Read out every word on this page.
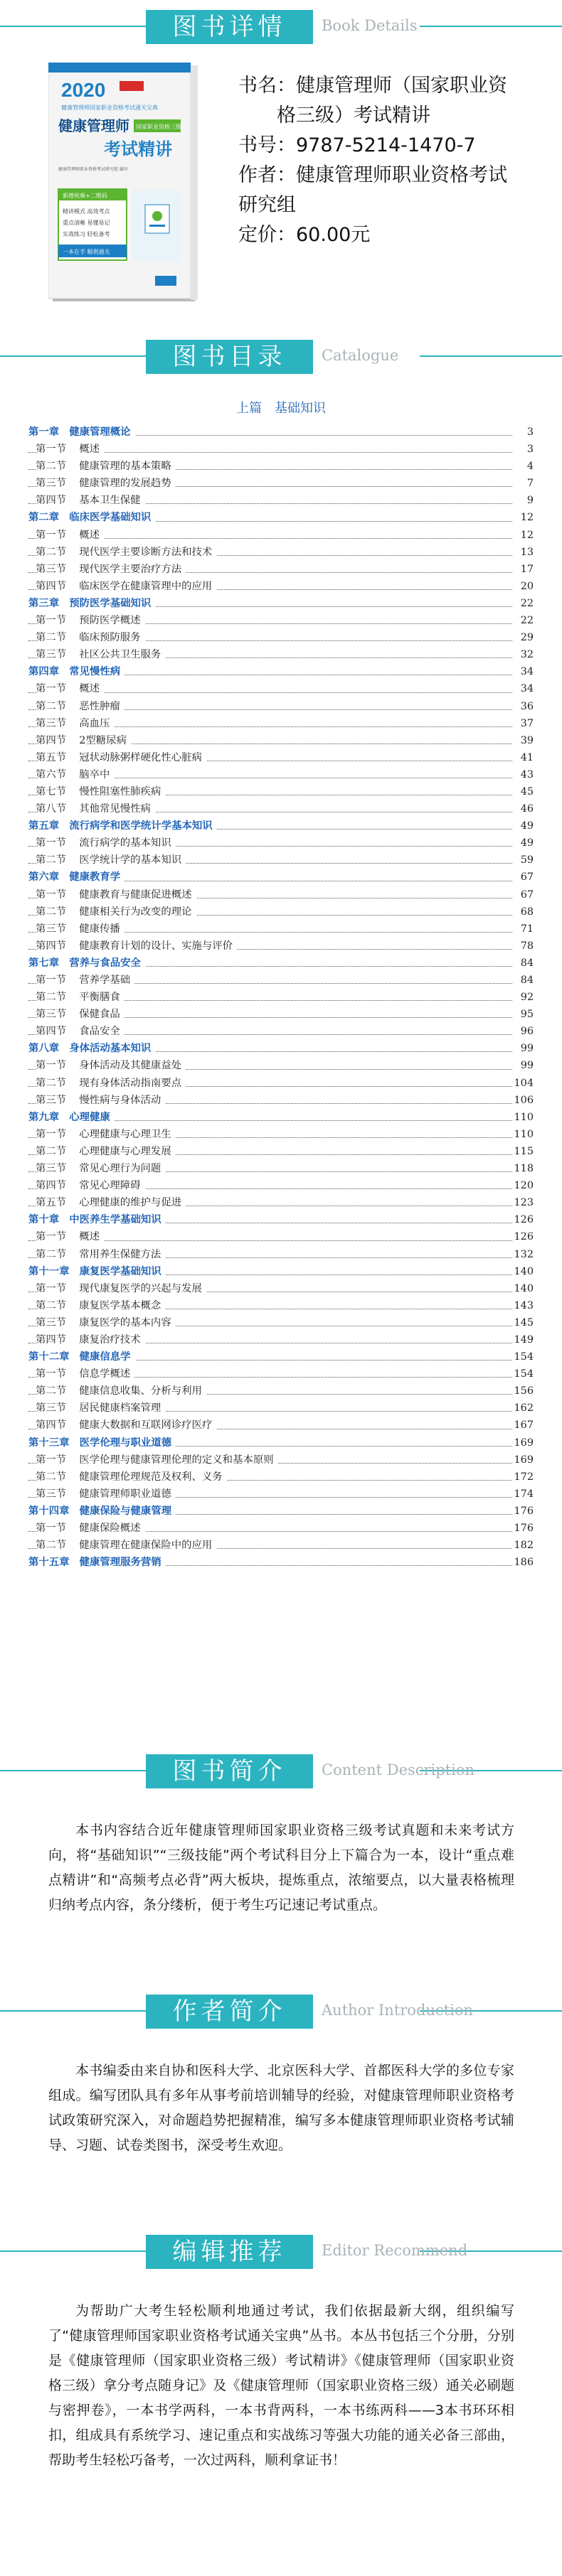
图书详情	Book Details
2020
健康管理师国家职业资格考试通关宝典
健康管理师 国家职业资格三级
考试精讲
健康管理师职业资格考试研究组 编写
新增视频+二维码
精讲模式 高效考点
重点清晰 易懂易记
实战练习 轻松备考
一本在手 顺利通关
书名：健康管理师（国家职业资
格三级）考试精讲
书号：9787-5214-1470-7
作者：健康管理师职业资格考试
研究组
定价：60.00元
图书目录	Catalogue
上篇　基础知识
第一章 健康管理概论	3
第一节 概述	3
第二节 健康管理的基本策略	4
第三节 健康管理的发展趋势	7
第四节 基本卫生保健	9
第二章 临床医学基础知识	12
第一节 概述	12
第二节 现代医学主要诊断方法和技术	13
第三节 现代医学主要治疗方法	17
第四节 临床医学在健康管理中的应用	20
第三章 预防医学基础知识	22
第一节 预防医学概述	22
第二节 临床预防服务	29
第三节 社区公共卫生服务	32
第四章 常见慢性病	34
第一节 概述	34
第二节 恶性肿瘤	36
第三节 高血压	37
第四节 2型糖尿病	39
第五节 冠状动脉粥样硬化性心脏病	41
第六节 脑卒中	43
第七节 慢性阻塞性肺疾病	45
第八节 其他常见慢性病	46
第五章 流行病学和医学统计学基本知识	49
第一节 流行病学的基本知识	49
第二节 医学统计学的基本知识	59
第六章 健康教育学	67
第一节 健康教育与健康促进概述	67
第二节 健康相关行为改变的理论	68
第三节 健康传播	71
第四节 健康教育计划的设计、实施与评价	78
第七章 营养与食品安全	84
第一节 营养学基础	84
第二节 平衡膳食	92
第三节 保健食品	95
第四节 食品安全	96
第八章 身体活动基本知识	99
第一节 身体活动及其健康益处	99
第二节 现有身体活动指南要点	104
第三节 慢性病与身体活动	106
第九章 心理健康	110
第一节 心理健康与心理卫生	110
第二节 心理健康与心理发展	115
第三节 常见心理行为问题	118
第四节 常见心理障碍	120
第五节 心理健康的维护与促进	123
第十章 中医养生学基础知识	126
第一节 概述	126
第二节 常用养生保健方法	132
第十一章 康复医学基础知识	140
第一节 现代康复医学的兴起与发展	140
第二节 康复医学基本概念	143
第三节 康复医学的基本内容	145
第四节 康复治疗技术	149
第十二章 健康信息学	154
第一节 信息学概述	154
第二节 健康信息收集、分析与利用	156
第三节 居民健康档案管理	162
第四节 健康大数据和互联网诊疗医疗	167
第十三章 医学伦理与职业道德	169
第一节 医学伦理与健康管理伦理的定义和基本原则	169
第二节 健康管理伦理规范及权利、义务	172
第三节 健康管理师职业道德	174
第十四章 健康保险与健康管理	176
第一节 健康保险概述	176
第二节 健康管理在健康保险中的应用	182
第十五章 健康管理服务营销	186
图书简介	Content Description
本书内容结合近年健康管理师国家职业资格三级考试真题和未来考试方向，将“基础知识”“三级技能”两个考试科目分上下篇合为一本，设计“重点难点精讲”和“高频考点必背”两大板块，提炼重点，浓缩要点，以大量表格梳理归纳考点内容，条分缕析，便于考生巧记速记考试重点。
作者简介	Author Introduction
本书编委由来自协和医科大学、北京医科大学、首都医科大学的多位专家组成。编写团队具有多年从事考前培训辅导的经验，对健康管理师职业资格考试政策研究深入，对命题趋势把握精准，编写多本健康管理师职业资格考试辅导、习题、试卷类图书，深受考生欢迎。
编辑推荐	Editor Recommend
为帮助广大考生轻松顺利地通过考试，我们依据最新大纲，组织编写了“健康管理师国家职业资格考试通关宝典”丛书。本丛书包括三个分册，分别是《健康管理师（国家职业资格三级）考试精讲》《健康管理师（国家职业资格三级）拿分考点随身记》及《健康管理师（国家职业资格三级）通关必刷题与密押卷》，一本书学两科，一本书背两科，一本书练两科——3本书环环相扣，组成具有系统学习、速记重点和实战练习等强大功能的通关必备三部曲，帮助考生轻松巧备考，一次过两科，顺利拿证书！
